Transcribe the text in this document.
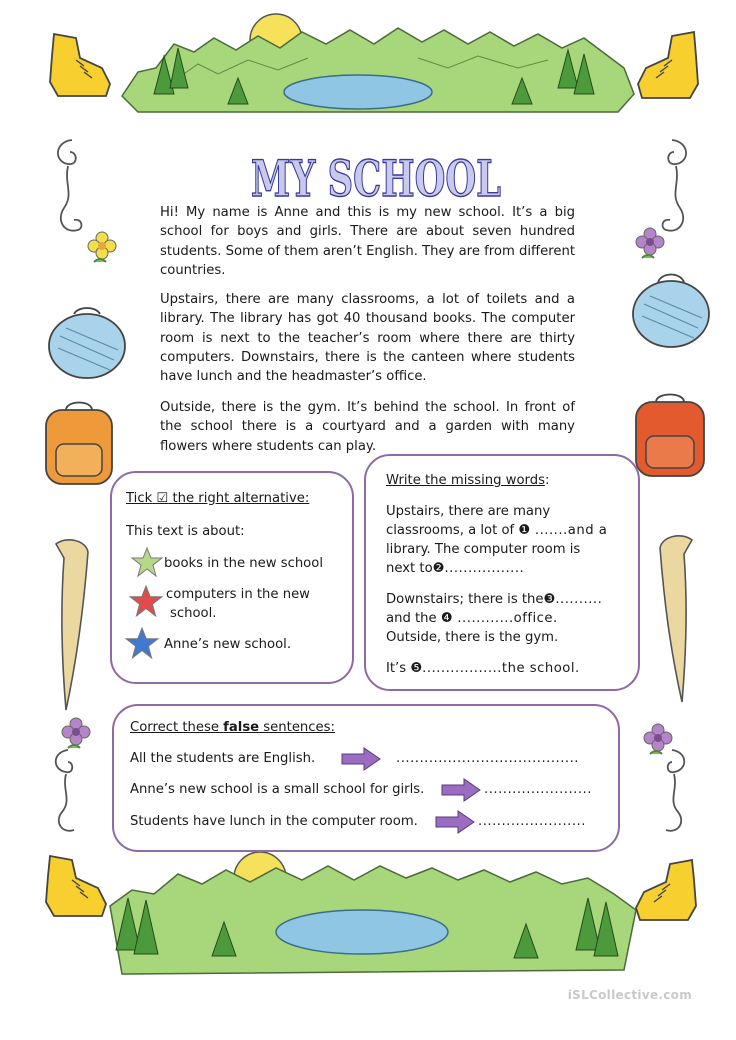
MY SCHOOL

Hi! My name is Anne and this is my new school. It’s a big school for boys and girls. There are about seven hundred students. Some of them aren’t English. They are from different countries.

Upstairs, there are many classrooms, a lot of toilets and a library. The library has got 40 thousand books. The computer room is next to the teacher’s room where there are thirty computers. Downstairs, there is the canteen where students have lunch and the headmaster’s office.

Outside, there is the gym. It’s behind the school. In front of the school there is a courtyard and a garden with many flowers where students can play.

Tick ☑ the right alternative:
This text is about:
books in the new school
computers in the new
school.
Anne’s new school.
Write the missing words:
Upstairs, there are many
classrooms, a lot of ❶ .......and a
library. The computer room is
next to❷.................
Downstairs; there is the❸..........
and the ❹ ............office.
Outside, there is the gym.
It’s ❺.................the school.
Correct these false sentences:
All the students are English.	.......................................
Anne’s new school is a small school for girls.	.......................
Students have lunch in the computer room.	.......................
iSLCollective.com
